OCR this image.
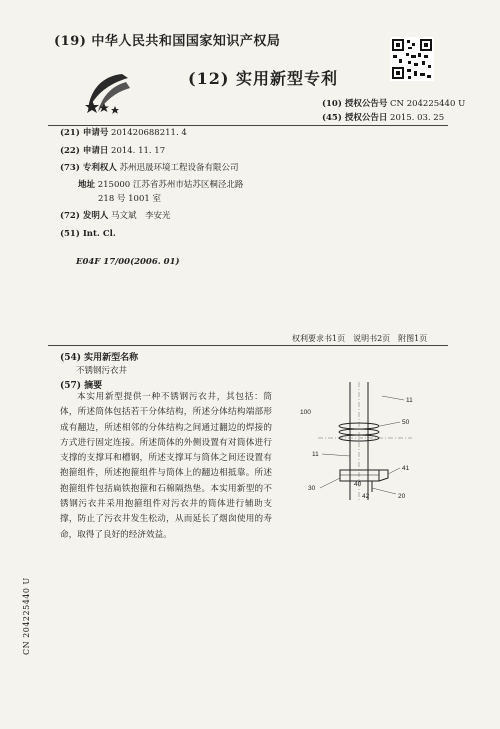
(19) 中华人民共和国国家知识产权局
(12) 实用新型专利
(10) 授权公告号 CN 204225440 U
(45) 授权公告日 2015. 03. 25
(21) 申请号 201420688211. 4
(22) 申请日 2014. 11. 17
(73) 专利权人 苏州迅晟环境工程设备有限公司
地址 215000 江苏省苏州市姑苏区桐泾北路
218 号 1001 室
(72) 发明人 马文斌　李安光
(51) Int. Cl.
E04F 17/00(2006. 01)
权利要求书1页　说明书2页　附图1页
(54) 实用新型名称
不锈钢污衣井
(57) 摘要

本实用新型提供一种不锈钢污衣井，其包括：筒体，所述筒体包括若干分体结构，所述分体结构端部形成有翻边，所述相邻的分体结构之间通过翻边的焊接的方式进行固定连接。所述筒体的外侧设置有对筒体进行支撑的支撑耳和槽钢，所述支撑耳与筒体之间还设置有抱箍组件，所述抱箍组件与筒体上的翻边相抵靠。所述抱箍组件包括扁铁抱箍和石棉隔热垫。本实用新型的不锈钢污衣井采用抱箍组件对污衣井的筒体进行辅助支撑，防止了污衣井发生松动，从而延长了烟囱使用的寿命，取得了良好的经济效益。

100
11
50
11
41
30
40
42	20
CN 204225440 U
